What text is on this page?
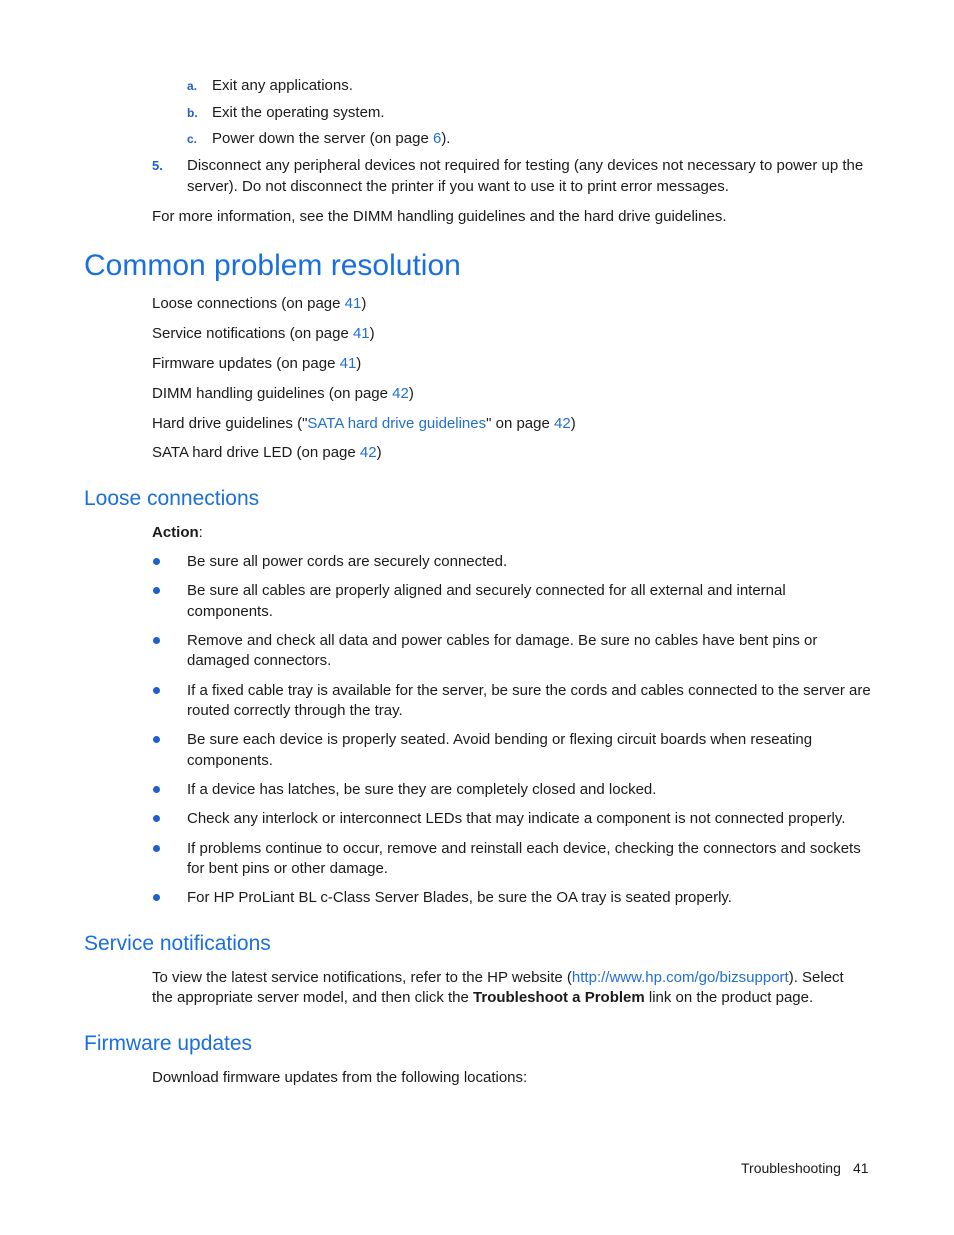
a. Exit any applications.
b. Exit the operating system.
c. Power down the server (on page 6).
5. Disconnect any peripheral devices not required for testing (any devices not necessary to power up the
server). Do not disconnect the printer if you want to use it to print error messages.
For more information, see the DIMM handling guidelines and the hard drive guidelines.
Common problem resolution
Loose connections (on page 41)
Service notifications (on page 41)
Firmware updates (on page 41)
DIMM handling guidelines (on page 42)
Hard drive guidelines ("SATA hard drive guidelines" on page 42)
SATA hard drive LED (on page 42)
Loose connections
Action:
Be sure all power cords are securely connected.
Be sure all cables are properly aligned and securely connected for all external and internal
components.
Remove and check all data and power cables for damage. Be sure no cables have bent pins or
damaged connectors.
If a fixed cable tray is available for the server, be sure the cords and cables connected to the server are
routed correctly through the tray.
Be sure each device is properly seated. Avoid bending or flexing circuit boards when reseating
components.
If a device has latches, be sure they are completely closed and locked.
Check any interlock or interconnect LEDs that may indicate a component is not connected properly.
If problems continue to occur, remove and reinstall each device, checking the connectors and sockets
for bent pins or other damage.
For HP ProLiant BL c-Class Server Blades, be sure the OA tray is seated properly.
Service notifications
To view the latest service notifications, refer to the HP website (http://www.hp.com/go/bizsupport). Select
the appropriate server model, and then click the Troubleshoot a Problem link on the product page.
Firmware updates
Download firmware updates from the following locations:
Troubleshooting 41
